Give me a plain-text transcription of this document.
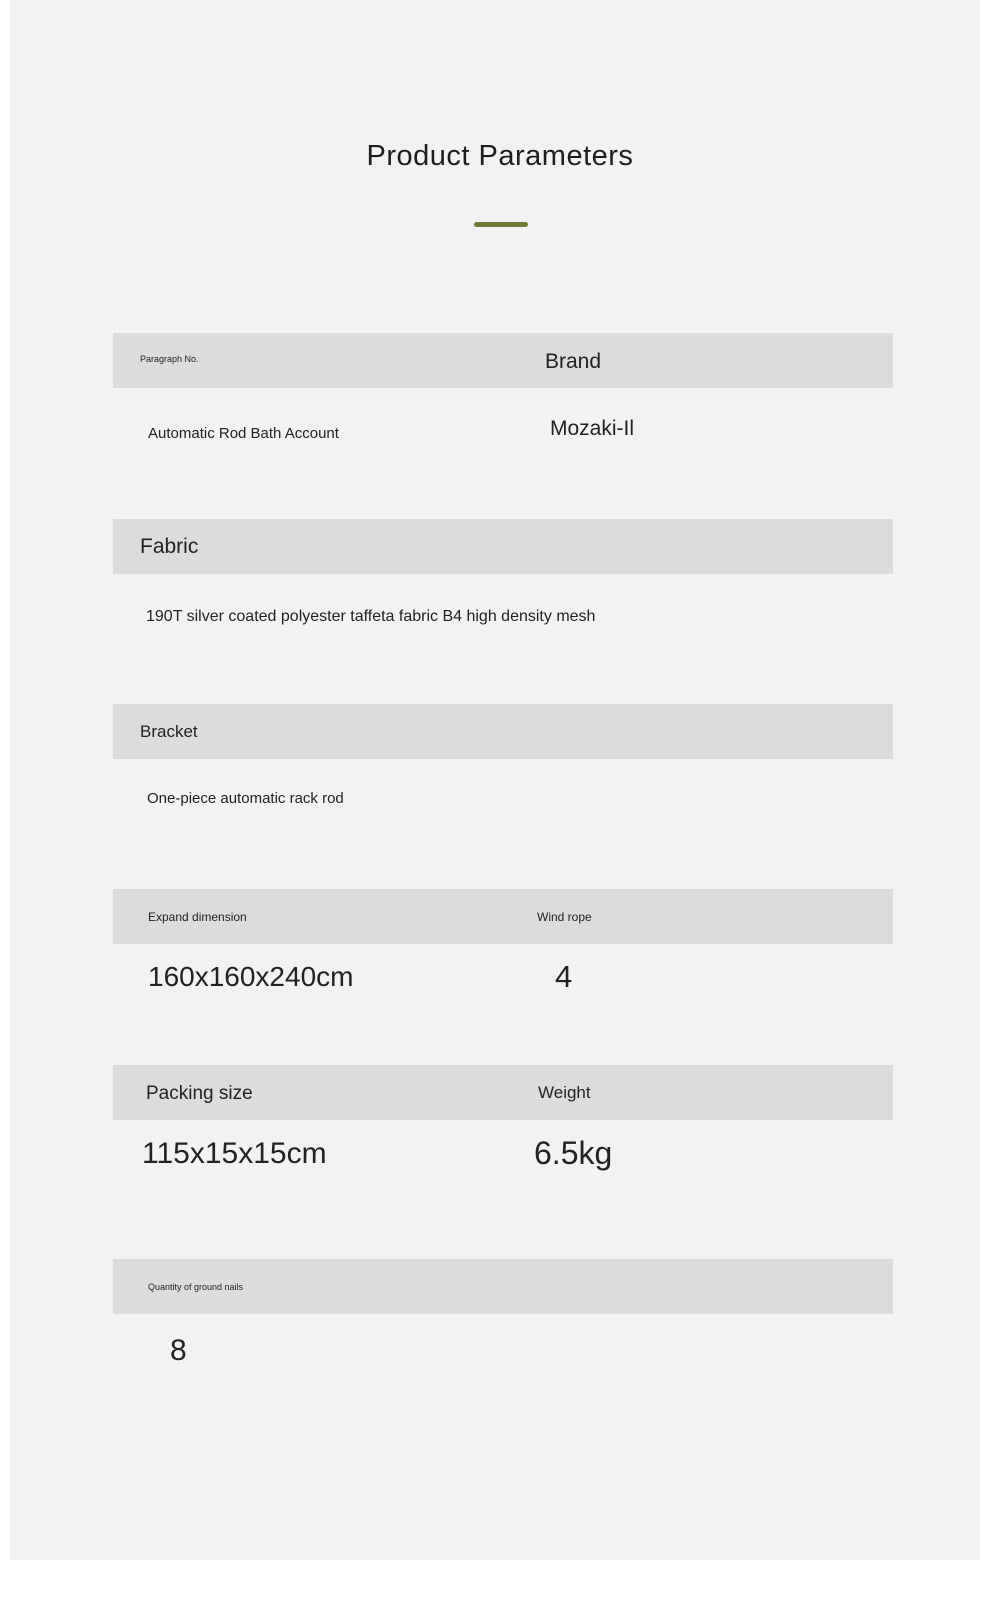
Product Parameters
Paragraph No.	Brand
Automatic Rod Bath Account	Mozaki-Il
Fabric
190T silver coated polyester taffeta fabric B4 high density mesh
Bracket
One-piece automatic rack rod
Expand dimension	Wind rope
160x160x240cm	4
Packing size	Weight
115x15x15cm	6.5kg
Quantity of ground nails
8
